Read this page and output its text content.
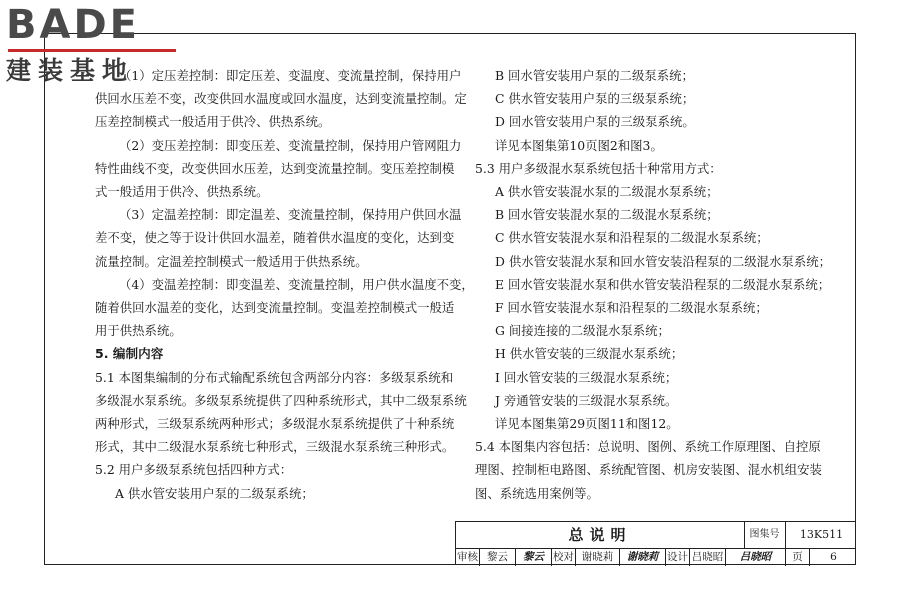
BADE
建装基地

（1）定压差控制：即定压差、变温度、变流量控制，保持用户

供回水压差不变，改变供回水温度或回水温度，达到变流量控制。定

压差控制模式一般适用于供冷、供热系统。

（2）变压差控制：即变压差、变流量控制，保持用户管网阻力

特性曲线不变，改变供回水压差，达到变流量控制。变压差控制模

式一般适用于供冷、供热系统。

（3）定温差控制：即定温差、变流量控制，保持用户供回水温

差不变，使之等于设计供回水温差，随着供水温度的变化，达到变

流量控制。定温差控制模式一般适用于供热系统。

（4）变温差控制：即变温差、变流量控制，用户供水温度不变，

随着供回水温差的变化，达到变流量控制。变温差控制模式一般适

用于供热系统。

5. 编制内容

5.1 本图集编制的分布式输配系统包含两部分内容：多级泵系统和

多级混水泵系统。多级泵系统提供了四种系统形式，其中二级泵系统

两种形式，三级泵系统两种形式；多级混水泵系统提供了十种系统

形式，其中二级混水泵系统七种形式，三级混水泵系统三种形式。

5.2 用户多级泵系统包括四种方式：

A 供水管安装用户泵的二级泵系统；

B 回水管安装用户泵的二级泵系统；

C 供水管安装用户泵的三级泵系统；

D 回水管安装用户泵的三级泵系统。

详见本图集第10页图2和图3。

5.3 用户多级混水泵系统包括十种常用方式：

A 供水管安装混水泵的二级混水泵系统；

B 回水管安装混水泵的二级混水泵系统；

C 供水管安装混水泵和沿程泵的二级混水泵系统；

D 供水管安装混水泵和回水管安装沿程泵的二级混水泵系统；

E 回水管安装混水泵和供水管安装沿程泵的二级混水泵系统；

F 回水管安装混水泵和沿程泵的二级混水泵系统；

G 间接连接的二级混水泵系统；

H 供水管安装的三级混水泵系统；

I 回水管安装的三级混水泵系统；

J 旁通管安装的三级混水泵系统。

详见本图集第29页图11和图12。

5.4 本图集内容包括：总说明、图例、系统工作原理图、自控原

理图、控制柜电路图、系统配管图、机房安装图、混水机组安装

图、系统选用案例等。

总说明	图集号	13K511
审核 黎云	黎云 校对 谢晓莉	谢晓莉 设计 吕晓昭	吕晓昭	页	6
